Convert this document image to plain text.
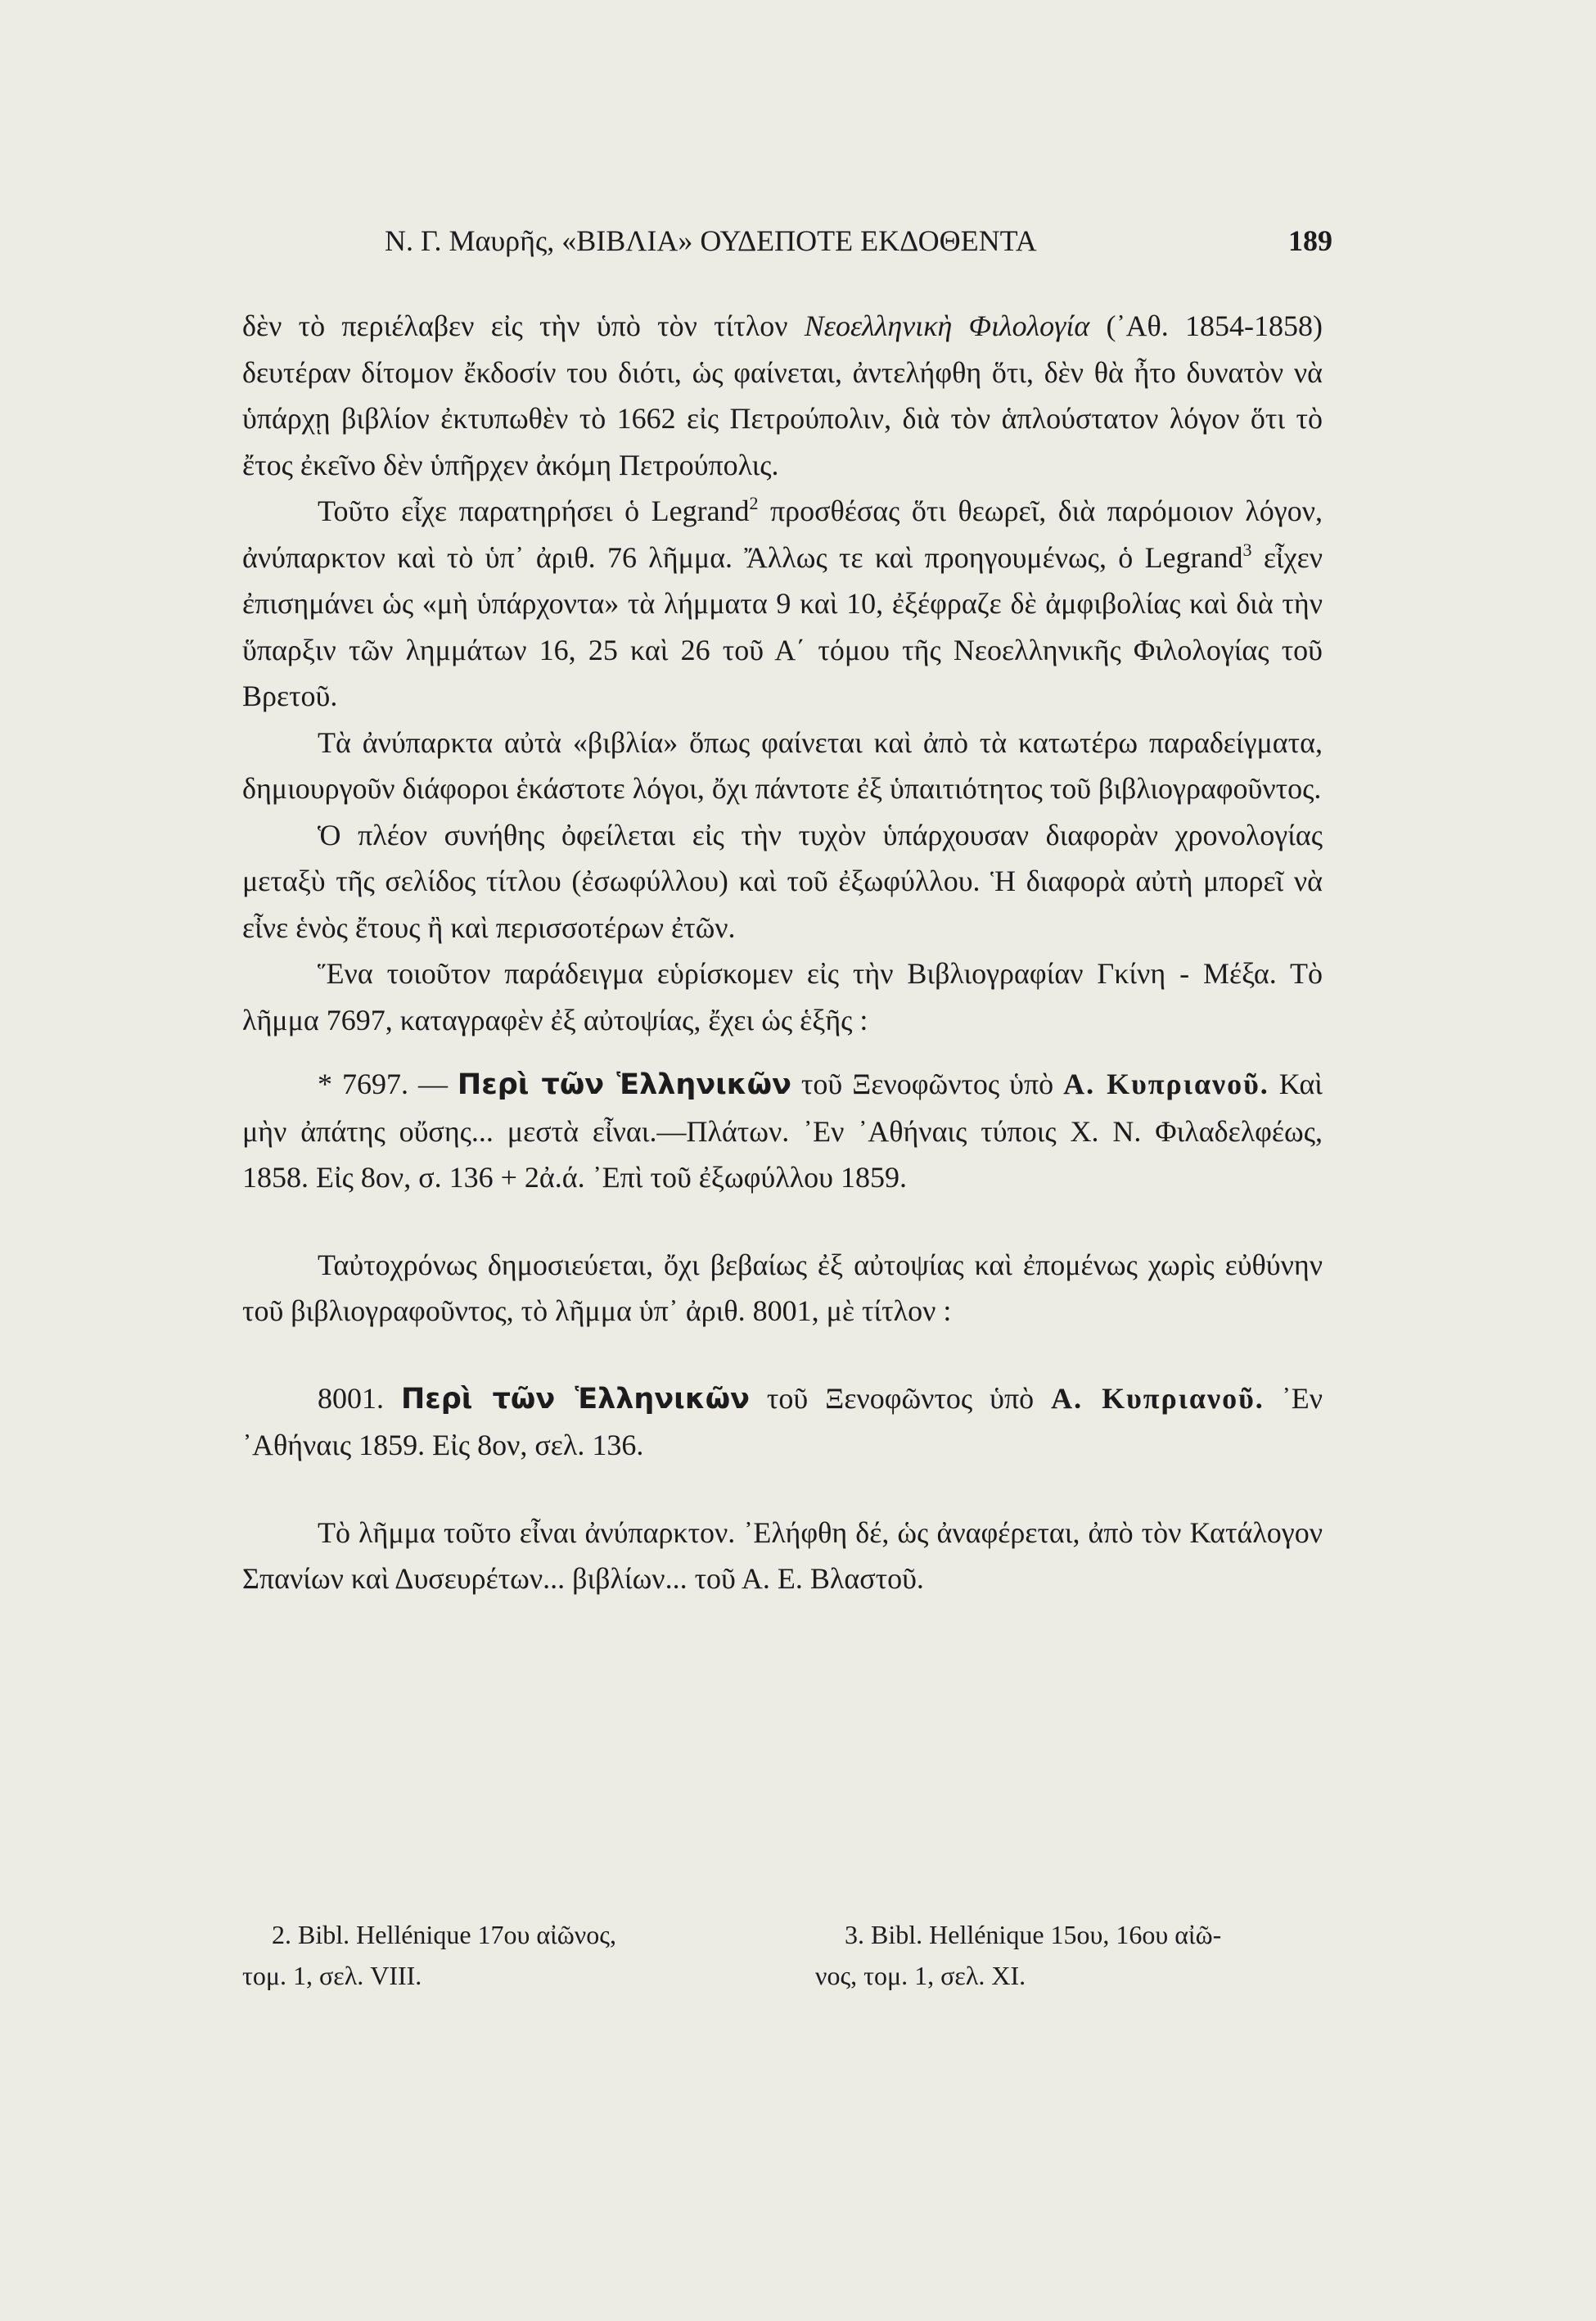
Ν. Γ. Μαυρῆς, «ΒΙΒΛΙΑ» ΟΥΔΕΠΟΤΕ ΕΚΔΟΘΕΝΤΑ	189

δὲν τὸ περιέλαβεν εἰς τὴν ὑπὸ τὸν τίτλον Νεοελληνικὴ Φιλολογία (᾿Αθ. 1854-1858) δευτέραν δίτομον ἔκδοσίν του διότι, ὡς φαίνεται, ἀντελήφθη ὅτι, δὲν θὰ ἦτο δυνατὸν νὰ ὑπάρχῃ βιβλίον ἐκτυπωθὲν τὸ 1662 εἰς Πετρούπολιν, διὰ τὸν ἁπλούστατον λόγον ὅτι τὸ ἔτος ἐκεῖνο δὲν ὑπῆρχεν ἀκόμη Πετρούπολις.

Τοῦτο εἶχε παρατηρήσει ὁ Legrand$^2$ προσθέσας ὅτι θεωρεῖ, διὰ παρόμοιον λόγον, ἀνύπαρκτον καὶ τὸ ὑπ᾿ ἀριθ. 76 λῆμμα. Ἄλλως τε καὶ προηγουμένως, ὁ Legrand$^3$ εἶχεν ἐπισημάνει ὡς «μὴ ὑπάρχοντα» τὰ λήμματα 9 καὶ 10, ἐξέφραζε δὲ ἀμφιβολίας καὶ διὰ τὴν ὕπαρξιν τῶν λημμάτων 16, 25 καὶ 26 τοῦ Α΄ τόμου τῆς Νεοελληνικῆς Φιλολογίας τοῦ Βρετοῦ.

Τὰ ἀνύπαρκτα αὐτὰ «βιβλία» ὅπως φαίνεται καὶ ἀπὸ τὰ κατωτέρω παραδείγματα, δημιουργοῦν διάφοροι ἑκάστοτε λόγοι, ὄχι πάντοτε ἐξ ὑπαιτιότητος τοῦ βιβλιογραφοῦντος.

Ὁ πλέον συνήθης ὀφείλεται εἰς τὴν τυχὸν ὑπάρχουσαν διαφορὰν χρονολογίας μεταξὺ τῆς σελίδος τίτλου (ἐσωφύλλου) καὶ τοῦ ἐξωφύλλου. Ἡ διαφορὰ αὐτὴ μπορεῖ νὰ εἶνε ἑνὸς ἔτους ἢ καὶ περισσοτέρων ἐτῶν.

Ἕνα τοιοῦτον παράδειγμα εὑρίσκομεν εἰς τὴν Βιβλιογραφίαν Γκίνη - Μέξα. Τὸ λῆμμα 7697, καταγραφὲν ἐξ αὐτοψίας, ἔχει ὡς ἑξῆς :

* 7697. — Περὶ τῶν Ἑλληνικῶν τοῦ Ξενοφῶντος ὑπὸ Α. Κυπριανοῦ. Καὶ μὴν ἀπάτης οὔσης... μεστὰ εἶναι.—Πλάτων. ᾿Εν ᾿Αθήναις τύποις Χ. Ν. Φιλαδελφέως, 1858. Εἰς 8ον, σ. 136 + 2ἀ.ά. ᾿Επὶ τοῦ ἐξωφύλλου 1859.

Ταὐτοχρόνως δημοσιεύεται, ὄχι βεβαίως ἐξ αὐτοψίας καὶ ἐπομένως χωρὶς εὐθύνην τοῦ βιβλιογραφοῦντος, τὸ λῆμμα ὑπ᾿ ἀριθ. 8001, μὲ τίτλον :

8001. Περὶ τῶν Ἑλληνικῶν τοῦ Ξενοφῶντος ὑπὸ Α. Κυπριανοῦ. ᾿Εν ᾿Αθήναις 1859. Εἰς 8ον, σελ. 136.

Τὸ λῆμμα τοῦτο εἶναι ἀνύπαρκτον. ᾿Ελήφθη δέ, ὡς ἀναφέρεται, ἀπὸ τὸν Κατάλογον Σπανίων καὶ Δυσευρέτων... βιβλίων... τοῦ Α. Ε. Βλαστοῦ.

2. Bibl. Hellénique 17ου αἰῶνος,
τομ. 1, σελ. VIII.
3. Bibl. Hellénique 15ου, 16ου αἰῶ-
νος, τομ. 1, σελ. XI.
